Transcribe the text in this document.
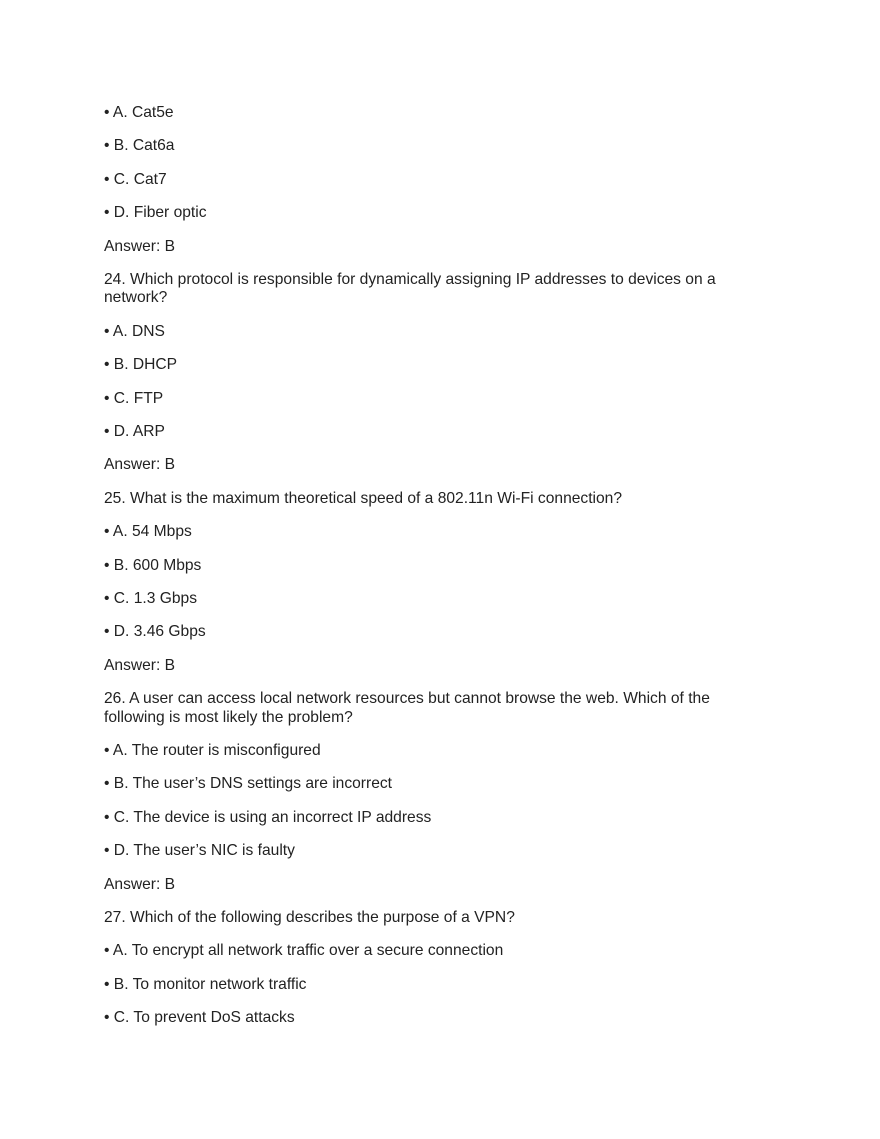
• A. Cat5e

• B. Cat6a

• C. Cat7

• D. Fiber optic

Answer: B

24. Which protocol is responsible for dynamically assigning IP addresses to devices on a network?

• A. DNS

• B. DHCP

• C. FTP

• D. ARP

Answer: B

25. What is the maximum theoretical speed of a 802.11n Wi-Fi connection?

• A. 54 Mbps

• B. 600 Mbps

• C. 1.3 Gbps

• D. 3.46 Gbps

Answer: B

26. A user can access local network resources but cannot browse the web. Which of the following is most likely the problem?

• A. The router is misconfigured

• B. The user’s DNS settings are incorrect

• C. The device is using an incorrect IP address

• D. The user’s NIC is faulty

Answer: B

27. Which of the following describes the purpose of a VPN?

• A. To encrypt all network traffic over a secure connection

• B. To monitor network traffic

• C. To prevent DoS attacks
